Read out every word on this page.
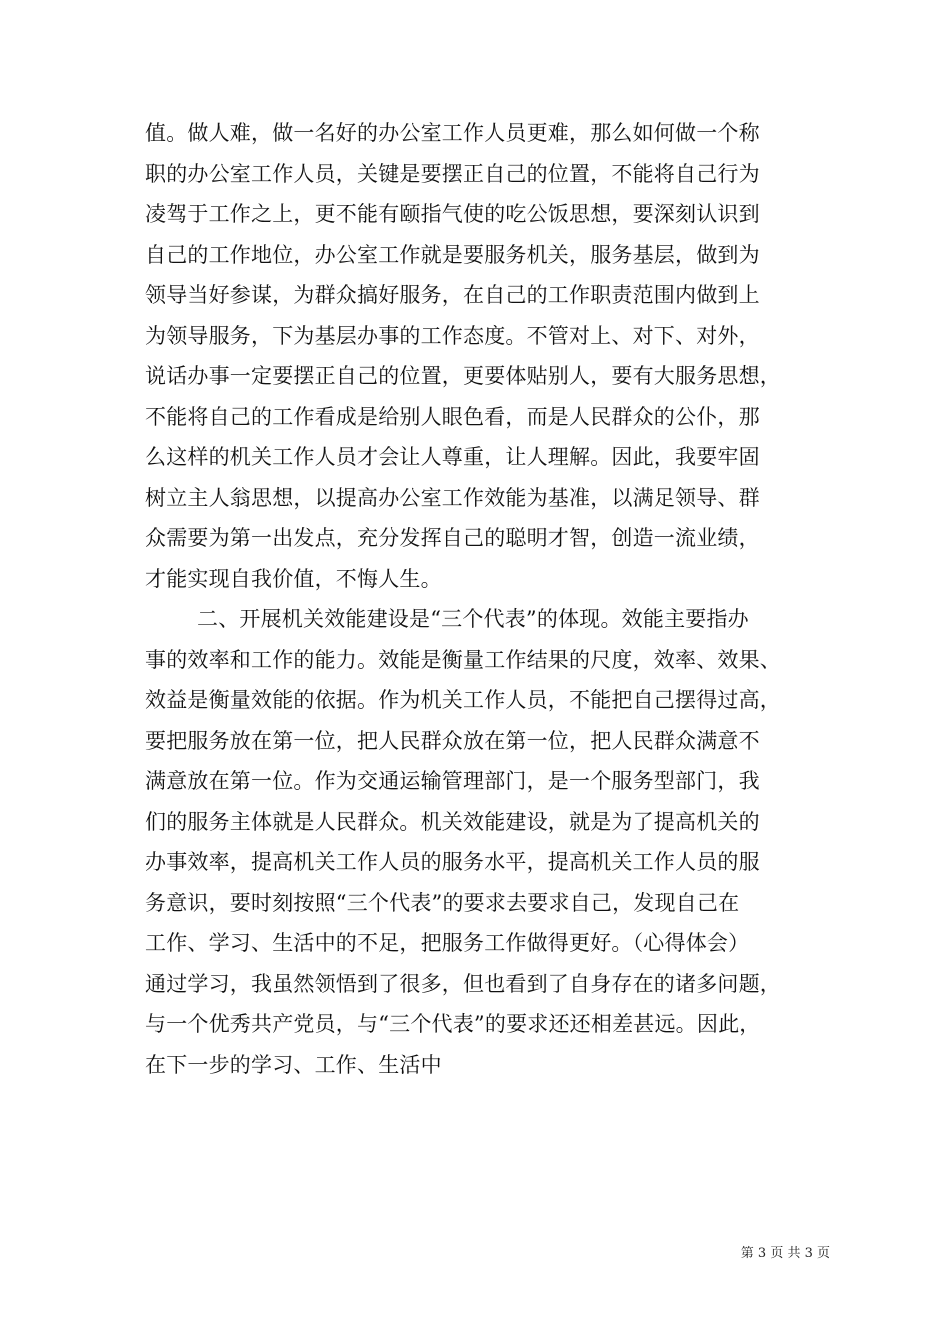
值。做人难，做一名好的办公室工作人员更难，那么如何做一个称
职的办公室工作人员，关键是要摆正自己的位置，不能将自己行为
凌驾于工作之上，更不能有颐指气使的吃公饭思想，要深刻认识到
自己的工作地位，办公室工作就是要服务机关，服务基层，做到为
领导当好参谋，为群众搞好服务，在自己的工作职责范围内做到上
为领导服务，下为基层办事的工作态度。不管对上、对下、对外，
说话办事一定要摆正自己的位置，更要体贴别人，要有大服务思想，
不能将自己的工作看成是给别人眼色看，而是人民群众的公仆，那
么这样的机关工作人员才会让人尊重，让人理解。因此，我要牢固
树立主人翁思想，以提高办公室工作效能为基准，以满足领导、群
众需要为第一出发点，充分发挥自己的聪明才智，创造一流业绩，
才能实现自我价值，不悔人生。
二、开展机关效能建设是“三个代表”的体现。效能主要指办
事的效率和工作的能力。效能是衡量工作结果的尺度，效率、效果、
效益是衡量效能的依据。作为机关工作人员，不能把自己摆得过高，
要把服务放在第一位，把人民群众放在第一位，把人民群众满意不
满意放在第一位。作为交通运输管理部门，是一个服务型部门，我
们的服务主体就是人民群众。机关效能建设，就是为了提高机关的
办事效率，提高机关工作人员的服务水平，提高机关工作人员的服
务意识，要时刻按照“三个代表”的要求去要求自己，发现自己在
工作、学习、生活中的不足，把服务工作做得更好。（心得体会）
通过学习，我虽然领悟到了很多，但也看到了自身存在的诸多问题，
与一个优秀共产党员，与“三个代表”的要求还还相差甚远。因此，
在下一步的学习、工作、生活中
第 3 页 共 3 页
